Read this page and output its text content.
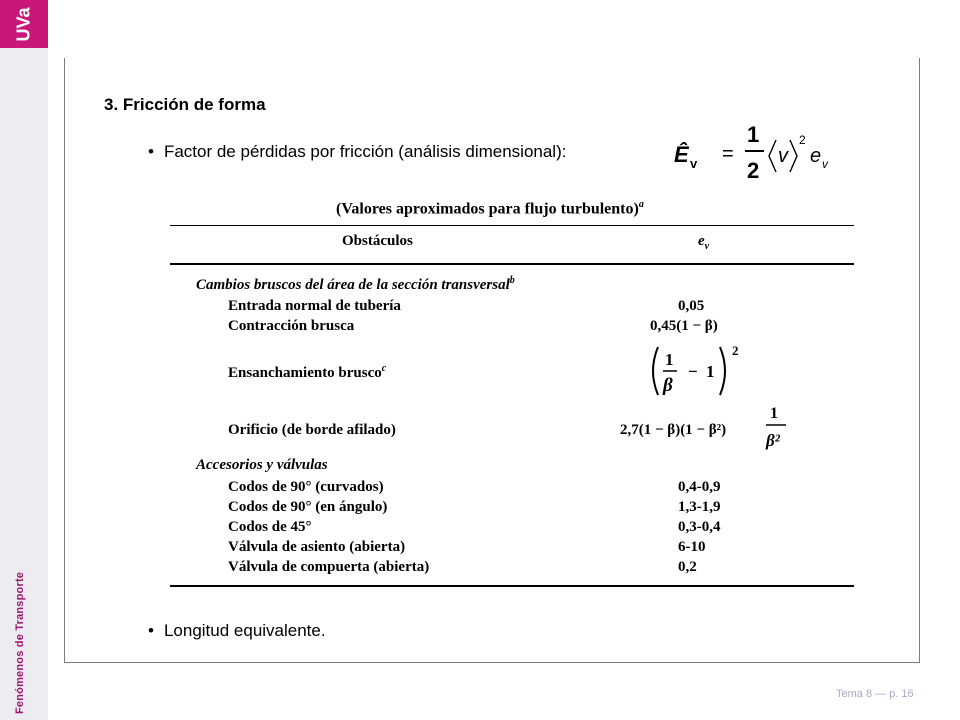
UVa
Fenómenos de Transporte
3. Fricción de forma
• Factor de pérdidas por fricción (análisis dimensional):	Ê v =
1
2
v
2
e v
(Valores aproximados para flujo turbulento)$^a$
Obstáculos	$e_v$
Cambios bruscos del área de la sección transversal$^b$
Entrada normal de tubería	0,05
Contracción brusca	0,45(1 − β)
Ensanchamiento brusco$^c$	1
β
− 1
2
Orificio (de borde afilado)	2,7(1 − β)(1 − β²)
1
β²
Accesorios y válvulas
Codos de 90° (curvados)	0,4-0,9
Codos de 90° (en ángulo)	1,3-1,9
Codos de 45°	0,3-0,4
Válvula de asiento (abierta)	6-10
Válvula de compuerta (abierta)	0,2
• Longitud equivalente.
Tema 8 — p. 16
